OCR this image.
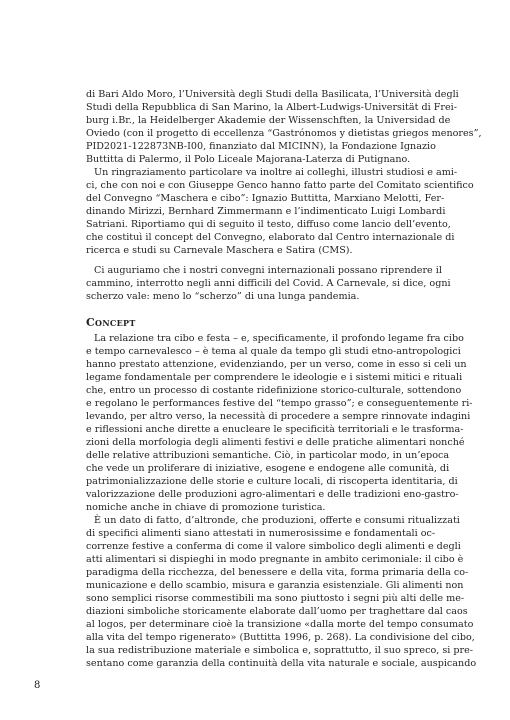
di Bari Aldo Moro, l’Università degli Studi della Basilicata, l’Università degli
Studi della Repubblica di San Marino, la Albert-Ludwigs-Universität di Frei-
burg i.Br., la Heidelberger Akademie der Wissenschften, la Universidad de
Oviedo (con il progetto di eccellenza “Gastrónomos y dietistas griegos menores”,
PID2021-122873NB-I00, finanziato dal MICINN), la Fondazione Ignazio
Buttitta di Palermo, il Polo Liceale Majorana-Laterza di Putignano.
Un ringraziamento particolare va inoltre ai colleghi, illustri studiosi e ami-
ci, che con noi e con Giuseppe Genco hanno fatto parte del Comitato scientifico
del Convegno “Maschera e cibo”: Ignazio Buttitta, Marxiano Melotti, Fer-
dinando Mirizzi, Bernhard Zimmermann e l’indimenticato Luigi Lombardi
Satriani. Riportiamo qui di seguito il testo, diffuso come lancio dell’evento,
che costituì il concept del Convegno, elaborato dal Centro internazionale di
ricerca e studi su Carnevale Maschera e Satira (CMS).
Ci auguriamo che i nostri convegni internazionali possano riprendere il
cammino, interrotto negli anni difficili del Covid. A Carnevale, si dice, ogni
scherzo vale: meno lo “scherzo” di una lunga pandemia.
Concept
La relazione tra cibo e festa – e, specificamente, il profondo legame fra cibo
e tempo carnevalesco – è tema al quale da tempo gli studi etno-antropologici
hanno prestato attenzione, evidenziando, per un verso, come in esso si celi un
legame fondamentale per comprendere le ideologie e i sistemi mitici e rituali
che, entro un processo di costante ridefinizione storico-culturale, sottendono
e regolano le performances festive del “tempo grasso”; e conseguentemente ri-
levando, per altro verso, la necessità di procedere a sempre rinnovate indagini
e riflessioni anche dirette a enucleare le specificità territoriali e le trasforma-
zioni della morfologia degli alimenti festivi e delle pratiche alimentari nonché
delle relative attribuzioni semantiche. Ciò, in particolar modo, in un’epoca
che vede un proliferare di iniziative, esogene e endogene alle comunità, di
patrimonializzazione delle storie e culture locali, di riscoperta identitaria, di
valorizzazione delle produzioni agro-alimentari e delle tradizioni eno-gastro-
nomiche anche in chiave di promozione turistica.
È un dato di fatto, d’altronde, che produzioni, offerte e consumi ritualizzati
di specifici alimenti siano attestati in numerosissime e fondamentali oc-
correnze festive a conferma di come il valore simbolico degli alimenti e degli
atti alimentari si dispieghi in modo pregnante in ambito cerimoniale: il cibo è
paradigma della ricchezza, del benessere e della vita, forma primaria della co-
municazione e dello scambio, misura e garanzia esistenziale. Gli alimenti non
sono semplici risorse commestibili ma sono piuttosto i segni più alti delle me-
diazioni simboliche storicamente elaborate dall’uomo per traghettare dal caos
al logos, per determinare cioè la transizione «dalla morte del tempo consumato
alla vita del tempo rigenerato» (Buttitta 1996, p. 268). La condivisione del cibo,
la sua redistribuzione materiale e simbolica e, soprattutto, il suo spreco, si pre-
sentano come garanzia della continuità della vita naturale e sociale, auspicando
8
